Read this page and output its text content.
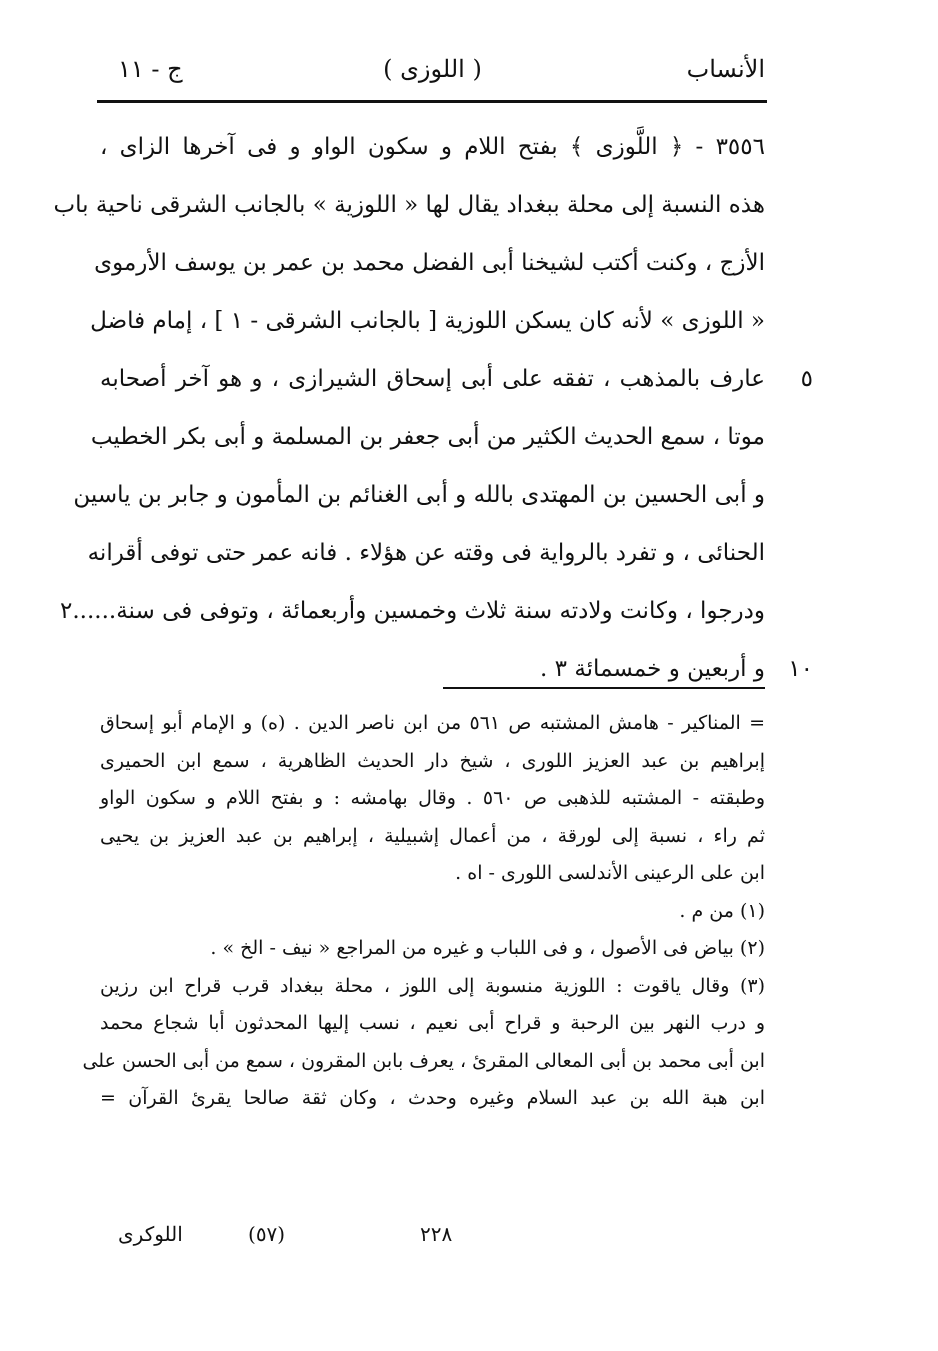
الأنساب
( اللوزى )
ج - ١١
٣٥٥٦ - ﴿ اللَّوزى ﴾ بفتح اللام و سكون الواو و فى آخرها الزاى ،
هذه النسبة إلى محلة ببغداد يقال لها « اللوزية » بالجانب الشرقى ناحية باب
الأزج ، وكنت أكتب لشيخنا أبى الفضل محمد بن عمر بن يوسف الأرموى
« اللوزى » لأنه كان يسكن اللوزية [ بالجانب الشرقى - ١ ] ، إمام فاضل
٥
عارف بالمذهب ، تفقه على أبى إسحاق الشيرازى ، و هو آخر أصحابه
موتا ، سمع الحديث الكثير من أبى جعفر بن المسلمة و أبى بكر الخطيب
و أبى الحسين بن المهتدى بالله و أبى الغنائم بن المأمون و جابر بن ياسين
الحنائى ، و تفرد بالرواية فى وقته عن هؤلاء . فانه عمر حتى توفى أقرانه
ودرجوا ، وكانت ولادته سنة ثلاث وخمسين وأربعمائة ، وتوفى فى سنة......٢
١٠
و أربعين و خمسمائة ٣ .
= المناكير - هامش المشتبه ص ٥٦١ من ابن ناصر الدين . (ه) و الإمام أبو إسحاق
إبراهيم بن عبد العزيز اللورى ، شيخ دار الحديث الظاهرية ، سمع ابن الحميرى
وطبقته - المشتبه للذهبى ص ٥٦٠ . وقال بهامشه : و بفتح اللام و سكون الواو
ثم راء ، نسبة إلى لورقة ، من أعمال إشبيلية ، إبراهيم بن عبد العزيز بن يحيى
ابن على الرعينى الأندلسى اللورى - اه .
(١) من م .
(٢) بياض فى الأصول ، و فى اللباب و غيره من المراجع « نيف - الخ » .
(٣) وقال ياقوت : اللوزية منسوبة إلى اللوز ، محلة ببغداد قرب قراح ابن رزين
و درب النهر بين الرحبة و قراح أبى نعيم ، نسب إليها المحدثون أبا شجاع محمد
ابن أبى محمد بن أبى المعالى المقرئ ، يعرف بابن المقرون ، سمع من أبى الحسن على
ابن هبة الله بن عبد السلام وغيره وحدث ، وكان ثقة صالحا يقرئ القرآن =
٢٢٨
(٥٧)
اللوكرى
